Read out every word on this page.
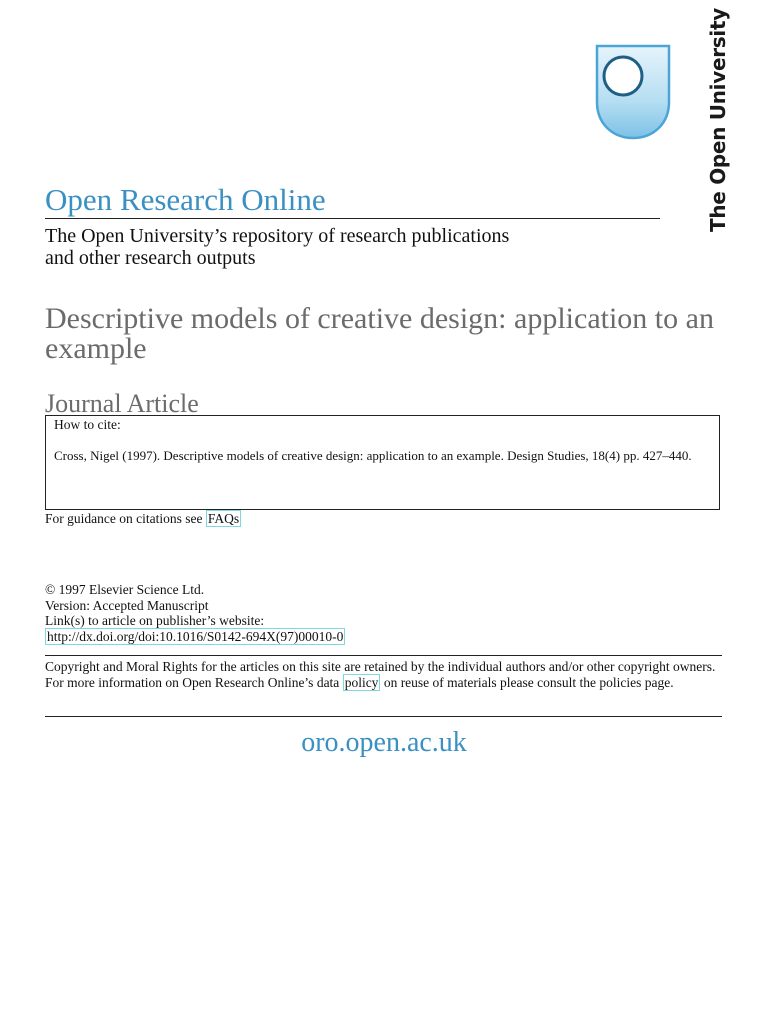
The Open University
Open Research Online
The Open University’s repository of research publications
and other research outputs
Descriptive models of creative design: application to an example
Journal Article
How to cite:
Cross, Nigel (1997). Descriptive models of creative design: application to an example. Design Studies, 18(4) pp. 427–440.
For guidance on citations see FAQs
© 1997 Elsevier Science Ltd.
Version: Accepted Manuscript
Link(s) to article on publisher’s website:
http://dx.doi.org/doi:10.1016/S0142-694X(97)00010-0
Copyright and Moral Rights for the articles on this site are retained by the individual authors and/or other copyright owners. For more information on Open Research Online’s data policy on reuse of materials please consult the policies page.
oro.open.ac.uk
